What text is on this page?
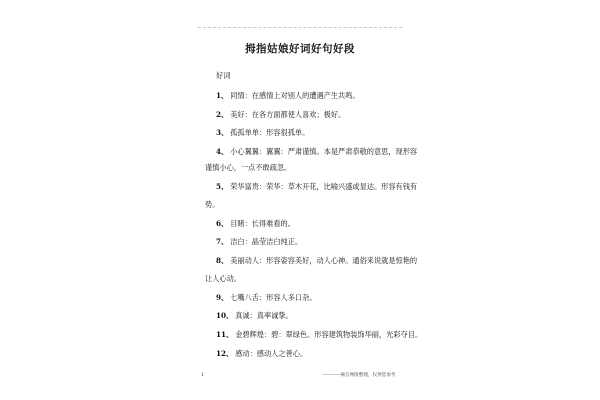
拇指姑娘好词好句好段
好词
1、 同情：在感情上对别人的遭遇产生共鸣。
2、 美好：在各方面都使人喜欢；极好。
3、 孤孤单单：形容很孤单。
4、 小心翼翼：翼翼：严肃谨慎。本是严肃恭敬的意思，现形容
谨慎小心，一点不敢疏忽。
5、 荣华富贵：荣华：草木开花，比喻兴盛或显达。形容有钱有
势。
6、 目睹：长得难看的。
7、 洁白：晶莹洁白纯正。
8、 美丽动人：形容姿容美好，动人心神。通俗来说就是惊艳的
让人心动。
9、 七嘴八舌：形容人多口杂。
10、 真诚：真率诚挚。
11、 金碧辉煌：碧：翠绿色。形容建筑物装饰华丽，光彩夺目。
12、 感动：感动人之善心。
1	————摘自网络整理，仅供您参考
